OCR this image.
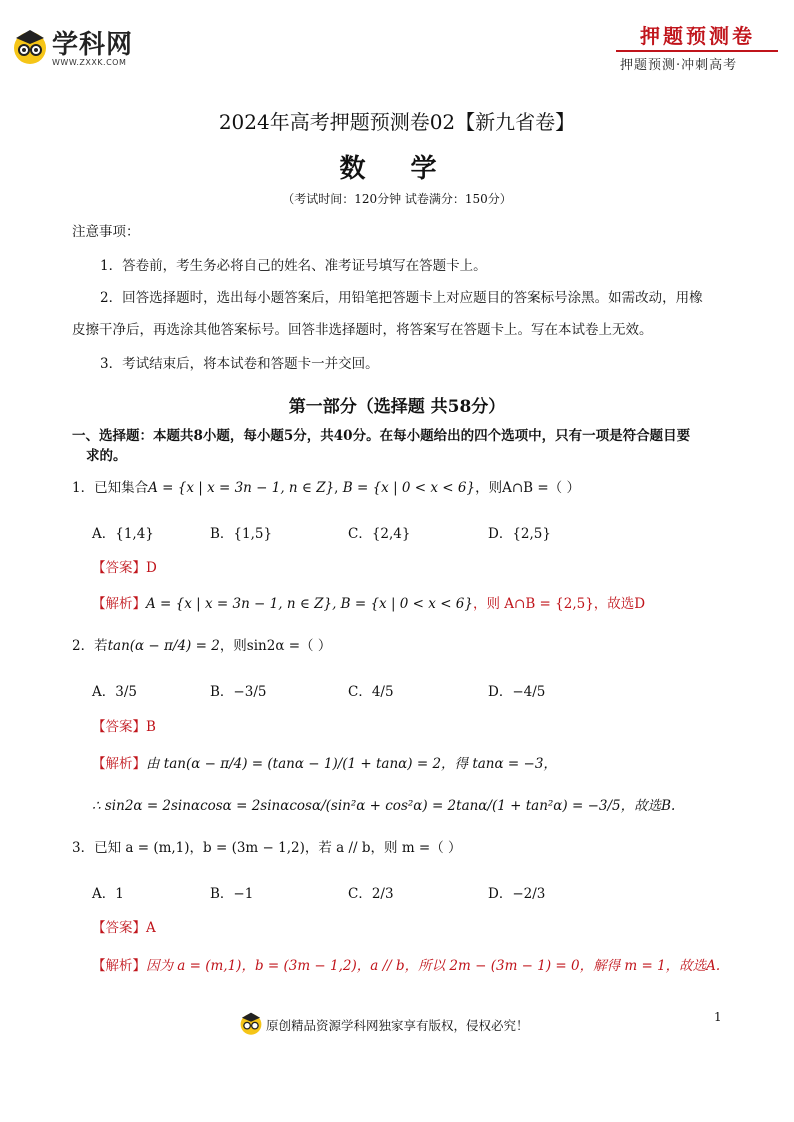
学科网
WWW.ZXXK.COM
押题预测卷
押题预测·冲刺高考
2024年高考押题预测卷02【新九省卷】
数 学
（考试时间：120分钟 试卷满分：150分）
注意事项：
1．答卷前，考生务必将自己的姓名、准考证号填写在答题卡上。
2．回答选择题时，选出每小题答案后，用铅笔把答题卡上对应题目的答案标号涂黑。如需改动，用橡
皮擦干净后，再选涂其他答案标号。回答非选择题时，将答案写在答题卡上。写在本试卷上无效。
3．考试结束后，将本试卷和答题卡一并交回。
第一部分（选择题 共58分）
一、选择题：本题共8小题，每小题5分，共40分。在每小题给出的四个选项中，只有一项是符合题目要
求的。
1．已知集合A = {x | x = 3n − 1, n ∈ Z}, B = {x | 0 < x < 6}，则A∩B =（ ）
A．{1,4}	B．{1,5}	C．{2,4}	D．{2,5}
【答案】D
【解析】A = {x | x = 3n − 1, n ∈ Z}, B = {x | 0 < x < 6}，则 A∩B = {2,5}，故选D
2．若tan(α − π/4) = 2，则sin2α =（ ）
A．3/5	B．−3/5	C．4/5	D．−4/5
【答案】B
【解析】由 tan(α − π/4) = (tanα − 1)/(1 + tanα) = 2，得 tanα = −3，
∴ sin2α = 2sinαcosα = 2sinαcosα/(sin²α + cos²α) = 2tanα/(1 + tan²α) = −3/5，故选B.
3．已知 a = (m,1)，b = (3m − 1,2)，若 a // b，则 m =（ ）
A．1	B．−1	C．2/3	D．−2/3
【答案】A
【解析】因为 a = (m,1)，b = (3m − 1,2)，a // b，所以 2m − (3m − 1) = 0，解得 m = 1，故选A.
原创精品资源学科网独家享有版权，侵权必究！
1
